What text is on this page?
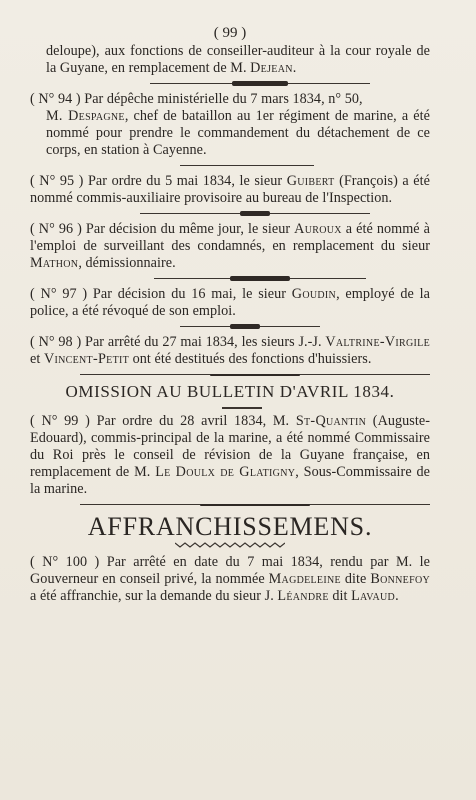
( 99 )

deloupe), aux fonctions de conseiller-auditeur à la cour royale de la Guyane, en remplacement de M. Dejean.

( N° 94 ) Par dépêche ministérielle du 7 mars 1834, n° 50,
M. Despagne, chef de bataillon au 1er régiment de marine, a été nommé pour prendre le commandement du détachement de ce corps, en station à Cayenne.

( N° 95 ) Par ordre du 5 mai 1834, le sieur Guibert (François) a été nommé commis-auxiliaire provisoire au bureau de l'Inspection.

( N° 96 ) Par décision du même jour, le sieur Auroux a été nommé à l'emploi de surveillant des condamnés, en remplacement du sieur Mathon, démissionnaire.

( N° 97 ) Par décision du 16 mai, le sieur Goudin, employé de la police, a été révoqué de son emploi.

( N° 98 ) Par arrêté du 27 mai 1834, les sieurs J.-J. Valtrine-Virgile et Vincent-Petit ont été destitués des fonctions d'huissiers.

OMISSION AU BULLETIN D'AVRIL 1834.

( N° 99 ) Par ordre du 28 avril 1834, M. St-Quantin (Auguste-Edouard), commis-principal de la marine, a été nommé Commissaire du Roi près le conseil de révision de la Guyane française, en remplacement de M. Le Doulx de Glatigny, Sous-Commissaire de la marine.

AFFRANCHISSEMENS.

( N° 100 ) Par arrêté en date du 7 mai 1834, rendu par M. le Gouverneur en conseil privé, la nommée Magdeleine dite Bonnefoy a été affranchie, sur la demande du sieur J. Léandre dit Lavaud.
